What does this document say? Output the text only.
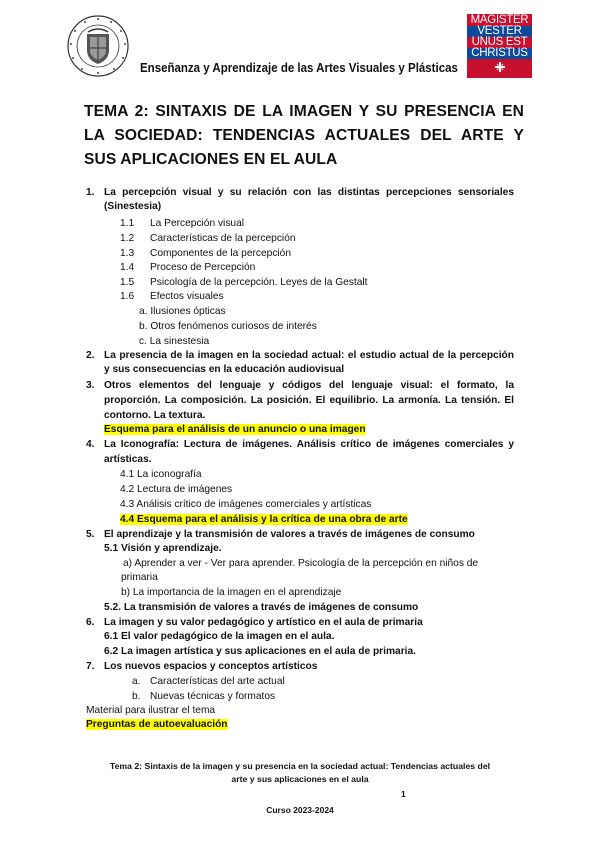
Enseñanza y Aprendizaje de las Artes Visuales y Plásticas
MAGISTER
VESTER
UNUS EST
CHRISTUS
TEMA 2: SINTAXIS DE LA IMAGEN Y SU PRESENCIA EN LA SOCIEDAD: TENDENCIAS ACTUALES DEL ARTE Y SUS APLICACIONES EN EL AULA
1. La percepción visual y su relación con las distintas percepciones sensoriales
(Sinestesia)
1.1 La Percepción visual
1.2 Características de la percepción
1.3 Componentes de la percepción
1.4 Proceso de Percepción
1.5 Psicología de la percepción. Leyes de la Gestalt
1.6 Efectos visuales
a. Ilusiones ópticas
b. Otros fenómenos curiosos de interés
c. La sinestesia
2. La presencia de la imagen en la sociedad actual: el estudio actual de la percepción
y sus consecuencias en la educación audiovisual
3. Otros elementos del lenguaje y códigos del lenguaje visual: el formato, la
proporción. La composición. La posición. El equilibrio. La armonía. La tensión. El
contorno. La textura.
Esquema para el análisis de un anuncio o una imagen
4. La Iconografía: Lectura de imágenes. Análisis crítico de imágenes comerciales y
artísticas.
4.1 La iconografía
4.2 Lectura de imágenes
4.3 Análisis crítico de imágenes comerciales y artísticas
4.4 Esquema para el análisis y la crítica de una obra de arte
5. El aprendizaje y la transmisión de valores a través de imágenes de consumo
5.1 Visión y aprendizaje.
a) Aprender a ver - Ver para aprender. Psicología de la percepción en niños de
primaria
b) La importancia de la imagen en el aprendizaje
5.2. La transmisión de valores a través de imágenes de consumo
6. La imagen y su valor pedagógico y artístico en el aula de primaria
6.1 El valor pedagógico de la imagen en el aula.
6.2 La imagen artística y sus aplicaciones en el aula de primaria.
7. Los nuevos espacios y conceptos artísticos
a. Características del arte actual
b. Nuevas técnicas y formatos
Material para ilustrar el tema
Preguntas de autoevaluación
Tema 2: Sintaxis de la imagen y su presencia en la sociedad actual: Tendencias actuales del
arte y sus aplicaciones en el aula
1
Curso 2023-2024
